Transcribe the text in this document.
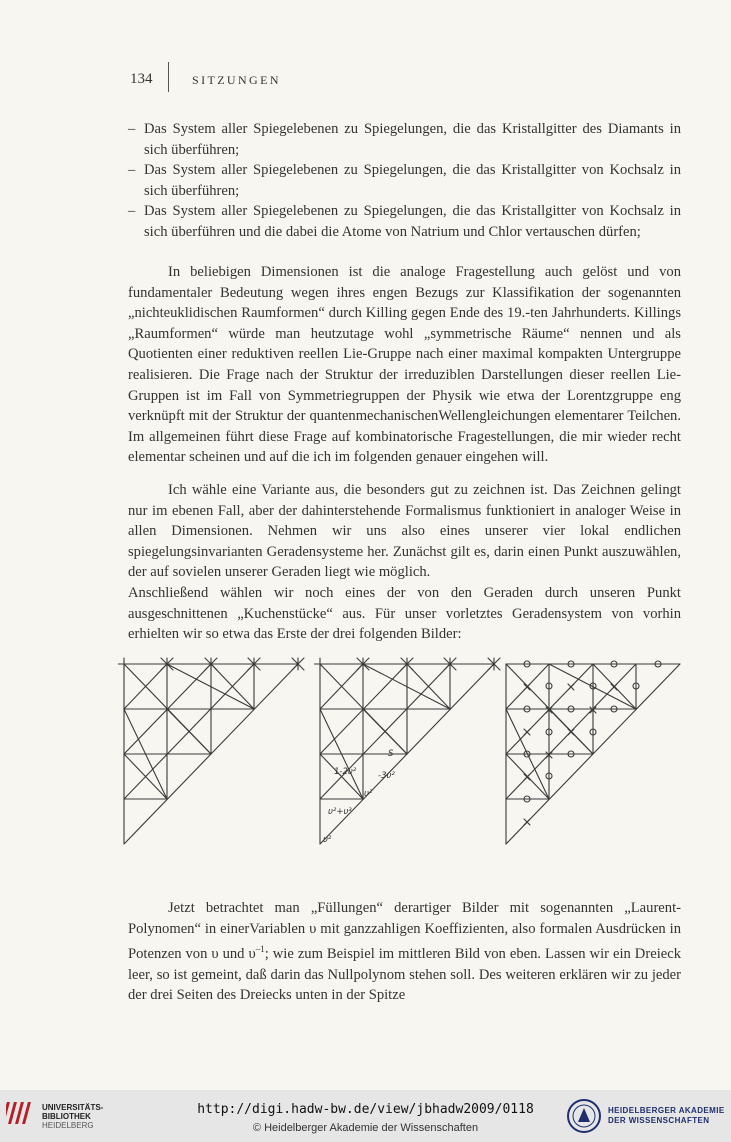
134	SITZUNGEN
– Das System aller Spiegelebenen zu Spiegelungen, die das Kristallgitter des Diamants in sich überführen;
– Das System aller Spiegelebenen zu Spiegelungen, die das Kristallgitter von Kochsalz in sich überführen;
– Das System aller Spiegelebenen zu Spiegelungen, die das Kristallgitter von Kochsalz in sich überführen und die dabei die Atome von Natrium und Chlor vertauschen dürfen;

In beliebigen Dimensionen ist die analoge Fragestellung auch gelöst und von fundamentaler Bedeutung wegen ihres engen Bezugs zur Klassifikation der sogenannten „nichteuklidischen Raumformen“ durch Killing gegen Ende des 19.-ten Jahrhunderts. Killings „Raumformen“ würde man heutzutage wohl „symmetrische Räume“ nennen und als Quotienten einer reduktiven reellen Lie-Gruppe nach einer maximal kompakten Untergruppe realisieren. Die Frage nach der Struktur der irreduziblen Darstellungen dieser reellen Lie-Gruppen ist im Fall von Symmetriegruppen der Physik wie etwa der Lorentzgruppe eng verknüpft mit der Struktur der quantenmechanischenWellengleichungen elementarer Teilchen. Im allgemeinen führt diese Frage auf kombinatorische Fragestellungen, die mir wieder recht elementar scheinen und auf die ich im folgenden genauer eingehen will.

Ich wähle eine Variante aus, die besonders gut zu zeichnen ist. Das Zeichnen gelingt nur im ebenen Fall, aber der dahinterstehende Formalismus funktioniert in analoger Weise in allen Dimensionen. Nehmen wir uns also eines unserer vier lokal endlichen spiegelungsinvarianten Geradensysteme her. Zunächst gilt es, darin einen Punkt auszuwählen, der auf sovielen unserer Geraden liegt wie möglich.

Anschließend wählen wir noch eines der von den Geraden durch unseren Punkt ausgeschnittenen „Kuchenstücke“ aus. Für unser vorletztes Geradensystem von vorhin erhielten wir so etwa das Erste der drei folgenden Bilder:

S
1-2υ²	-3υ²
υ²
υ²+υ³
υ²

Jetzt betrachtet man „Füllungen“ derartiger Bilder mit sogenannten „Laurent-Polynomen“ in einerVariablen υ mit ganzzahligen Koeffizienten, also formalen Ausdrücken in Potenzen von υ und $\upsilon^{-1}$; wie zum Beispiel im mittleren Bild von eben. Lassen wir ein Dreieck leer, so ist gemeint, daß darin das Nullpolynom stehen soll. Des weiteren erklären wir zu jeder der drei Seiten des Dreiecks unten in der Spitze

UNIVERSITÄTS-
BIBLIOTHEK
HEIDELBERG
http://digi.hadw-bw.de/view/jbhadw2009/0118
© Heidelberger Akademie der Wissenschaften
HEIDELBERGER AKADEMIE
DER WISSENSCHAFTEN
